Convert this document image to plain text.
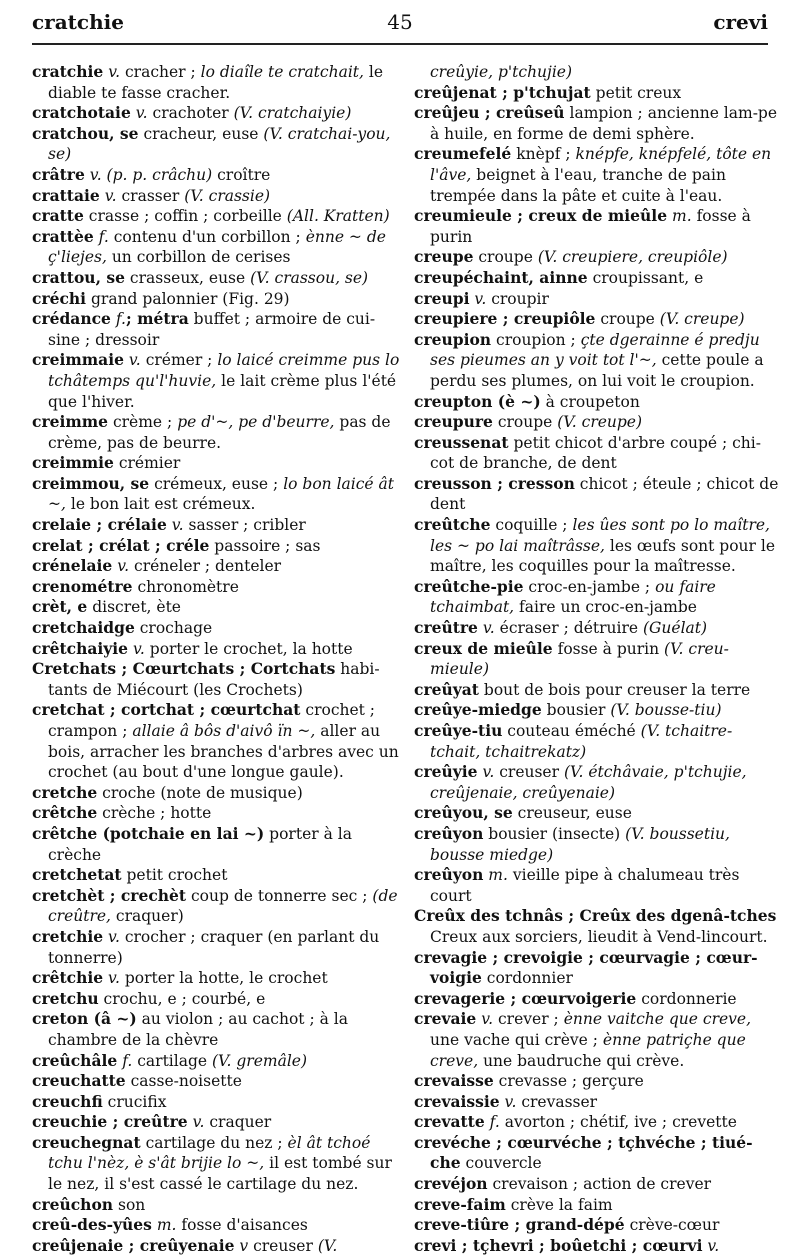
cratchie	45	crevi

cratchie v. cracher ; lo diaîle te cratchait, le diable te fasse cracher.

cratchotaie v. crachoter (V. cratchaiyie)

cratchou, se cracheur, euse (V. cratchai-you, se)

crâtre v. (p. p. crâchu) croître

crattaie v. crasser (V. crassie)

cratte crasse ; coffin ; corbeille (All. Kratten)

crattèe f. contenu d'un corbillon ; ènne ~ de ç'liejes, un corbillon de cerises

crattou, se crasseux, euse (V. crassou, se)

créchi grand palonnier (Fig. 29)

crédance f.; métra buffet ; armoire de cui-sine ; dressoir

creimmaie v. crémer ; lo laicé creimme pus lo tchâtemps qu'l'huvie, le lait crème plus l'été que l'hiver.

creimme crème ; pe d'~, pe d'beurre, pas de crème, pas de beurre.

creimmie crémier

creimmou, se crémeux, euse ; lo bon laicé ât ~, le bon lait est crémeux.

crelaie ; crélaie v. sasser ; cribler

crelat ; crélat ; créle passoire ; sas

crénelaie v. créneler ; denteler

crenométre chronomètre

crèt, e discret, ète

cretchaidge crochage

crêtchaiyie v. porter le crochet, la hotte

Cretchats ; Cœurtchats ; Cortchats habi-tants de Miécourt (les Crochets)

cretchat ; cortchat ; cœurtchat crochet ; crampon ; allaie â bôs d'aivô ïn ~, aller au bois, arracher les branches d'arbres avec un crochet (au bout d'une longue gaule).

cretche croche (note de musique)

crêtche crèche ; hotte

crêtche (potchaie en lai ~) porter à la crèche

cretchetat petit crochet

cretchèt ; crechèt coup de tonnerre sec ; (de creûtre, craquer)

cretchie v. crocher ; craquer (en parlant du tonnerre)

crêtchie v. porter la hotte, le crochet

cretchu crochu, e ; courbé, e

creton (â ~) au violon ; au cachot ; à la chambre de la chèvre

creûchâle f. cartilage (V. gremâle)

creuchatte casse-noisette

creuchfi crucifix

creuchie ; creûtre v. craquer

creuchegnat cartilage du nez ; èl ât tchoé tchu l'nèz, è s'ât brijie lo ~, il est tombé sur le nez, il s'est cassé le cartilage du nez.

creûchon son

creû-des-yûes m. fosse d'aisances

creûjenaie ; creûyenaie v creuser (V.

creûyie, p'tchujie)

creûjenat ; p'tchujat petit creux

creûjeu ; creûseû lampion ; ancienne lam-pe à huile, en forme de demi sphère.

creumefelé knèpf ; knépfe, knépfelé, tôte en l'âve, beignet à l'eau, tranche de pain trempée dans la pâte et cuite à l'eau.

creumieule ; creux de mieûle m. fosse à purin

creupe croupe (V. creupiere, creupiôle)

creupéchaint, ainne croupissant, e

creupi v. croupir

creupiere ; creupiôle croupe (V. creupe)

creupion croupion ; çte dgerainne é predju ses pieumes an y voit tot l'~, cette poule a perdu ses plumes, on lui voit le croupion.

creupton (è ~) à croupeton

creupure croupe (V. creupe)

creussenat petit chicot d'arbre coupé ; chi-cot de branche, de dent

creusson ; cresson chicot ; éteule ; chicot de dent

creûtche coquille ; les ûes sont po lo maître, les ~ po lai maîtrâsse, les œufs sont pour le maître, les coquilles pour la maîtresse.

creûtche-pie croc-en-jambe ; ou faire tchaimbat, faire un croc-en-jambe

creûtre v. écraser ; détruire (Guélat)

creux de mieûle fosse à purin (V. creu-mieule)

creûyat bout de bois pour creuser la terre

creûye-miedge bousier (V. bousse-tiu)

creûye-tiu couteau éméché (V. tchaitre-tchait, tchaitrekatz)

creûyie v. creuser (V. étchâvaie, p'tchujie, creûjenaie, creûyenaie)

creûyou, se creuseur, euse

creûyon bousier (insecte) (V. boussetiu, bousse miedge)

creûyon m. vieille pipe à chalumeau très court

Creûx des tchnâs ; Creûx des dgenâ-tches Creux aux sorciers, lieudit à Vend-lincourt.

crevagie ; crevoigie ; cœurvagie ; cœur-voigie cordonnier

crevagerie ; cœurvoigerie cordonnerie

crevaie v. crever ; ènne vaitche que creve, une vache qui crève ; ènne patriçhe que creve, une baudruche qui crève.

crevaisse crevasse ; gerçure

crevaissie v. crevasser

crevatte f. avorton ; chétif, ive ; crevette

crevéche ; cœurvéche ; tçhvéche ; tiué-che couvercle

crevéjon crevaison ; action de crever

creve-faim crève la faim

creve-tiûre ; grand-dépé crève-cœur

crevi ; tçhevri ; boûetchi ; cœurvi v.
